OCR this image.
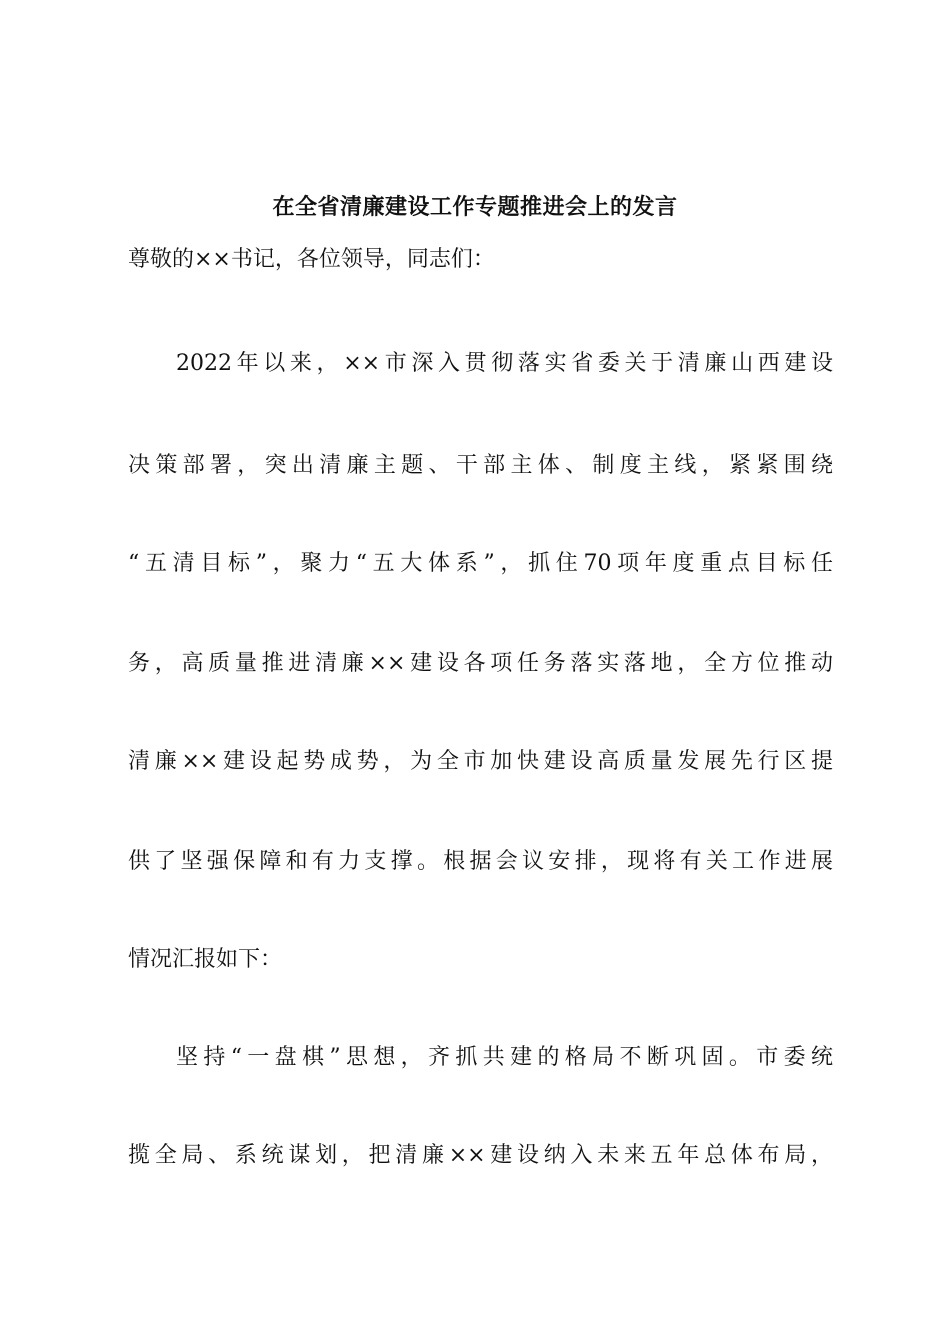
在全省清廉建设工作专题推进会上的发言
尊敬的××书记，各位领导，同志们：
2022年以来，××市深入贯彻落实省委关于清廉山西建设
决策部署，突出清廉主题、干部主体、制度主线，紧紧围绕
“五清目标”，聚力“五大体系”，抓住70项年度重点目标任
务，高质量推进清廉××建设各项任务落实落地，全方位推动
清廉××建设起势成势，为全市加快建设高质量发展先行区提
供了坚强保障和有力支撑。根据会议安排，现将有关工作进展
情况汇报如下：
坚持“一盘棋”思想，齐抓共建的格局不断巩固。市委统
揽全局、系统谋划，把清廉××建设纳入未来五年总体布局，
